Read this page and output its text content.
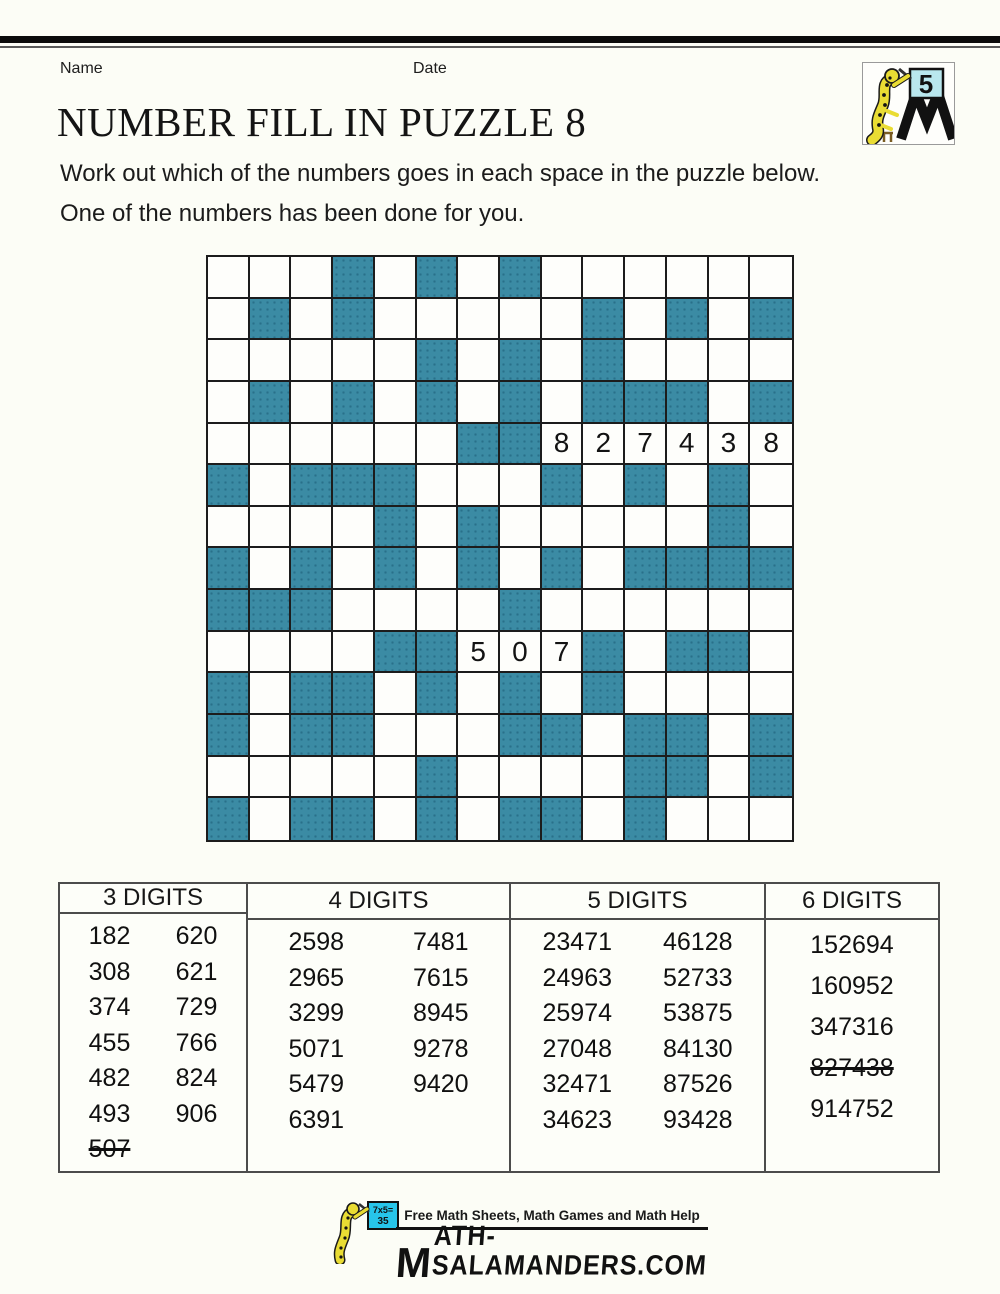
Name	Date
5
NUMBER FILL IN PUZZLE 8
Work out which of the numbers goes in each space in the puzzle below.
One of the numbers has been done for you.
8 2 7 4 3 8
5 0 7
3 DIGITS
182	620
308	621
374	729
455	766
482	824
493	906
507
4 DIGITS
2598	7481
2965	7615
3299	8945
5071	9278
5479	9420
6391
5 DIGITS
23471	46128
24963	52733
25974	53875
27048	84130
32471	87526
34623	93428
6 DIGITS
152694
160952
347316
827438
914752
7x5=
35	Free Math Sheets, Math Games and Math Help
M
ATH-SALAMANDERS.COM
